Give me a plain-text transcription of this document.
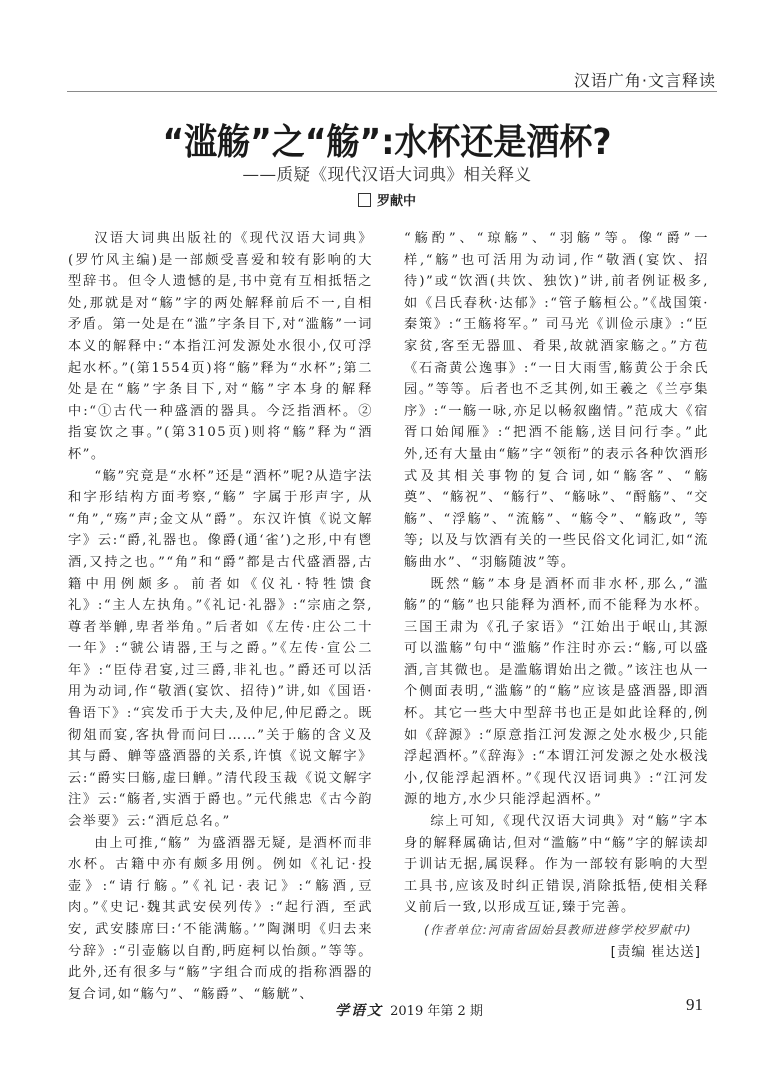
汉语广角·文言释读
“滥觞”之“觞”:水杯还是酒杯?
——质疑《现代汉语大词典》相关释义
罗献中

汉语大词典出版社的《现代汉语大词典》(罗竹风主编)是一部颇受喜爱和较有影响的大型辞书。但令人遗憾的是,书中竟有互相抵牾之处,那就是对“觞”字的两处解释前后不一,自相矛盾。第一处是在“滥”字条目下,对“滥觞”一词本义的解释中:“本指江河发源处水很小,仅可浮起水杯。”(第1554页)将“觞”释为“水杯”;第二处是在“觞”字条目下,对“觞”字本身的解释中:“①古代一种盛酒的器具。今泛指酒杯。②指宴饮之事。”(第3105页)则将“觞”释为“酒杯”。

“觞”究竟是“水杯”还是“酒杯”呢?从造字法和字形结构方面考察,“觞” 字属于形声字, 从 “角”,“殇”声;金文从“爵”。东汉许慎《说文解字》云:“爵,礼器也。像爵(通‘雀’)之形,中有鬯酒,又持之也。”“角”和“爵”都是古代盛酒器,古籍中用例颇多。前者如《仪礼·特牲馈食礼》:“主人左执角。”《礼记·礼器》:“宗庙之祭,尊者举觯,卑者举角。”后者如《左传·庄公二十一年》:“虢公请器,王与之爵。”《左传·宣公二年》:“臣侍君宴,过三爵,非礼也。”爵还可以活用为动词,作“敬酒(宴饮、招待)”讲,如《国语·鲁语下》:“宾发币于大夫,及仲尼,仲尼爵之。既彻俎而宴,客执骨而问曰……”关于觞的含义及其与爵、觯等盛酒器的关系,许慎《说文解字》云:“爵实曰觞,虚曰觯。”清代段玉裁《说文解字注》云:“觞者,实酒于爵也。”元代熊忠《古今韵会举要》云:“酒卮总名。”

由上可推,“觞” 为盛酒器无疑, 是酒杯而非水杯。古籍中亦有颇多用例。例如《礼记·投壶》:“请行觞。”《礼记·表记》:“觞酒,豆肉。”《史记·魏其武安侯列传》:“起行酒, 至武安, 武安膝席曰:‘不能满觞。’”陶渊明《归去来兮辞》:“引壶觞以自酌,眄庭柯以怡颜。”等等。此外,还有很多与“觞”字组合而成的指称酒器的复合词,如“觞勺”、“觞爵”、“觞觥”、

“觞酌”、“琼觞”、“羽觞”等。像“爵”一样,“觞”也可活用为动词,作“敬酒(宴饮、招待)”或“饮酒(共饮、独饮)”讲,前者例证极多,如《吕氏春秋·达郁》:“管子觞桓公。”《战国策·秦策》:“王觞将军。” 司马光《训俭示康》:“臣家贫,客至无器皿、肴果,故就酒家觞之。”方苞《石斋黄公逸事》:“一日大雨雪,觞黄公于余氏园。”等等。后者也不乏其例,如王羲之《兰亭集序》:“一觞一咏,亦足以畅叙幽情。”范成大《宿胥口始闻雁》:“把酒不能觞,送目问行李。”此外,还有大量由“觞”字“领衔”的表示各种饮酒形式及其相关事物的复合词,如“觞客”、“觞奠”、“觞祝”、“觞行”、“觞咏”、“酹觞”、“交觞”、“浮觞”、“流觞”、“觞令”、“觞政”, 等等; 以及与饮酒有关的一些民俗文化词汇,如“流觞曲水”、“羽觞随波”等。

既然“觞”本身是酒杯而非水杯,那么,“滥觞”的“觞”也只能释为酒杯,而不能释为水杯。三国王肃为《孔子家语》“江始出于岷山,其源可以滥觞”句中“滥觞”作注时亦云:“觞,可以盛酒,言其微也。是滥觞谓始出之微。”该注也从一个侧面表明,“滥觞”的“觞”应该是盛酒器,即酒杯。其它一些大中型辞书也正是如此诠释的,例如《辞源》:“原意指江河发源之处水极少,只能浮起酒杯。”《辞海》:“本谓江河发源之处水极浅小,仅能浮起酒杯。”《现代汉语词典》:“江河发源的地方,水少只能浮起酒杯。”

综上可知,《现代汉语大词典》对“觞”字本身的解释属确诂,但对“滥觞”中“觞”字的解读却于训诂无据,属误释。作为一部较有影响的大型工具书,应该及时纠正错误,消除抵牾,使相关释义前后一致,以形成互证,臻于完善。

(作者单位:河南省固始县教师进修学校罗献中)

[责编 崔达送]

学语文 2019 年第 2 期	91
